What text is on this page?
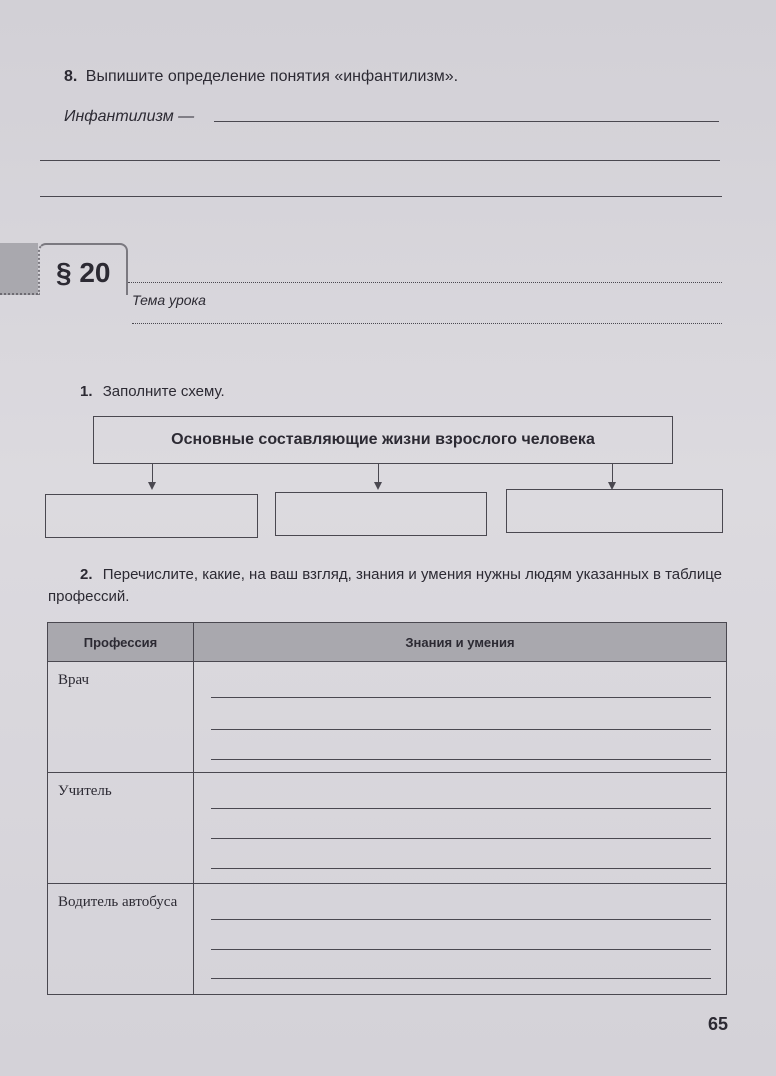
8. Выпишите определение понятия «инфантилизм».
Инфантилизм —
§ 20
Тема урока
1. Заполните схему.
Основные составляющие жизни взрослого человека
2. Перечислите, какие, на ваш взгляд, знания и умения нужны людям указанных в таблице профессий.
Профессия	Знания и умения
Врач	

Учитель	

Водитель автобуса	
65
